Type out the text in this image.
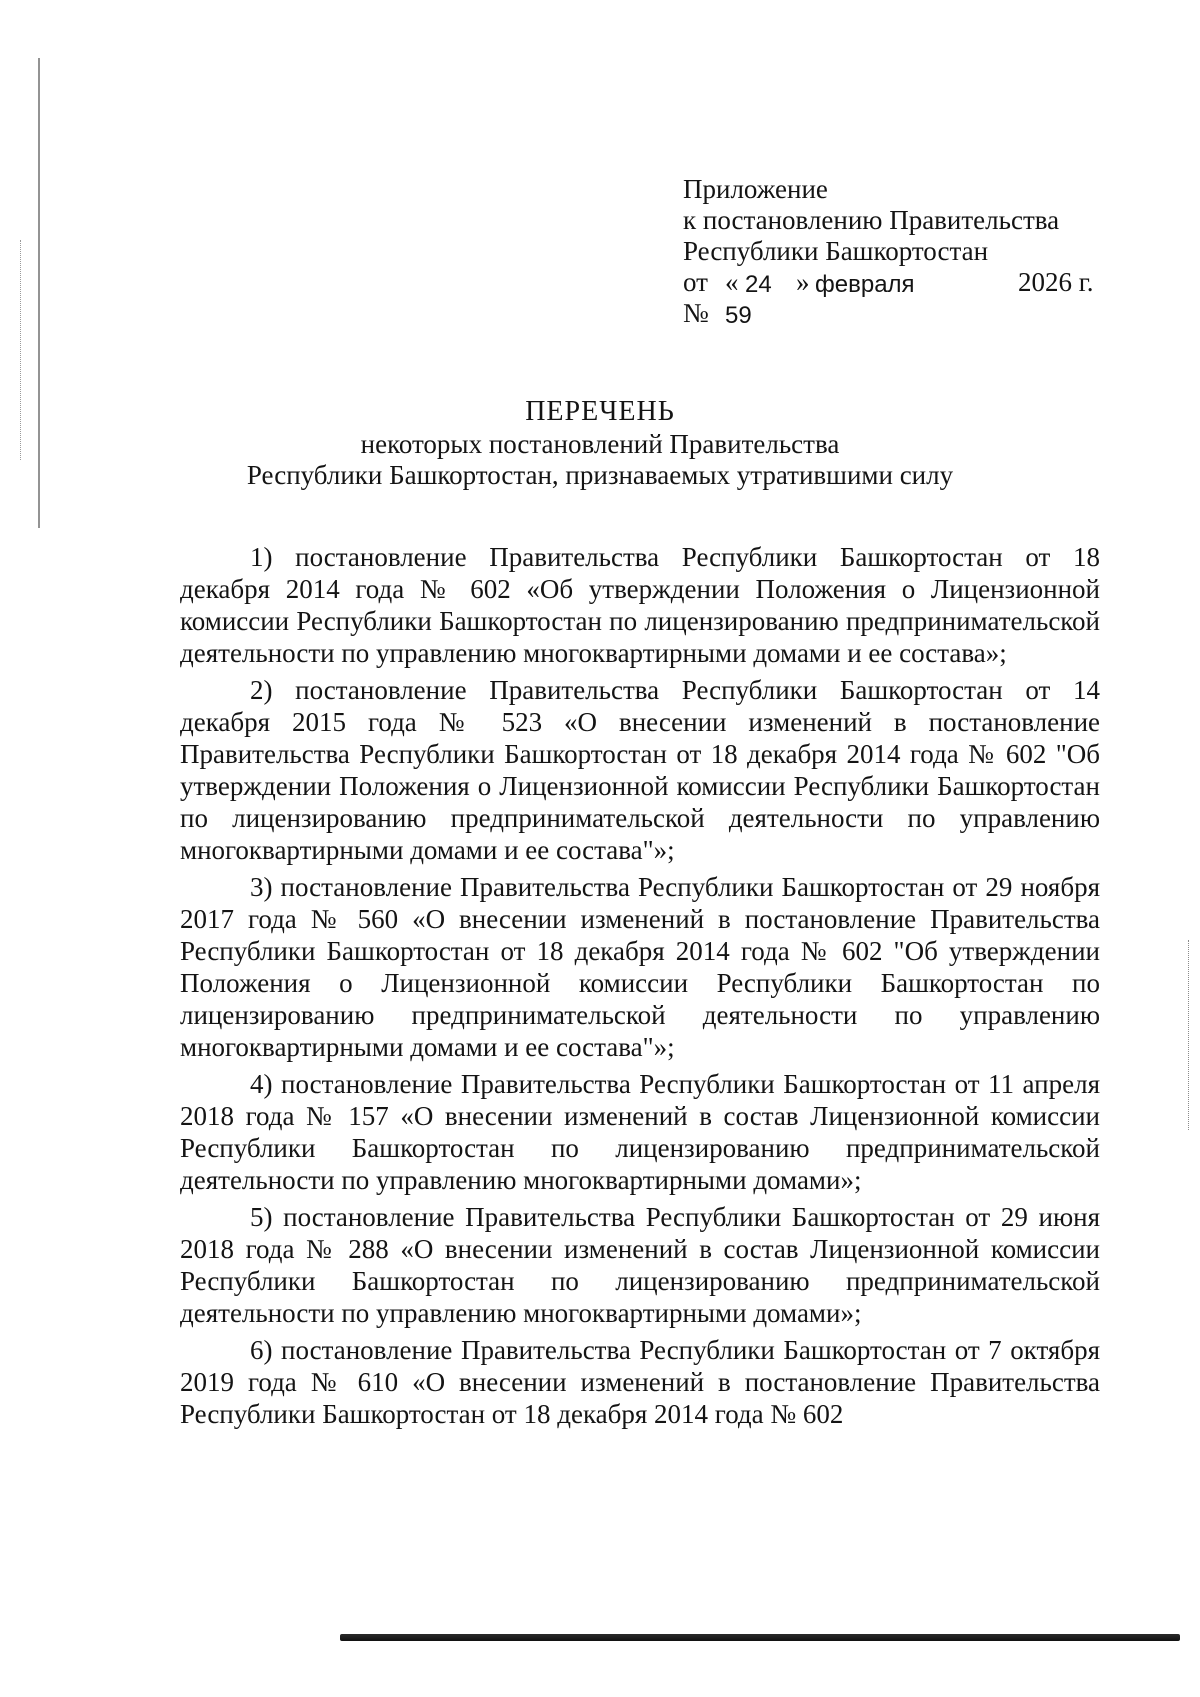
Приложение
к постановлению Правительства
Республики Башкортостан
от « 24 » февраля	2026 г.
№ 59

ПЕРЕЧЕНЬ

некоторых постановлений Правительства

Республики Башкортостан, признаваемых утратившими силу

1) постановление Правительства Республики Башкортостан от 18 декабря 2014 года № 602 «Об утверждении Положения о Лицензионной комиссии Республики Башкортостан по лицензированию предпринимательской деятельности по управлению многоквартирными домами и ее состава»;

2) постановление Правительства Республики Башкортостан от 14 декабря 2015 года № 523 «О внесении изменений в постановление Правительства Республики Башкортостан от 18 декабря 2014 года № 602 "Об утверждении Положения о Лицензионной комиссии Республики Башкортостан по лицензированию предпринимательской деятельности по управлению многоквартирными домами и ее состава"»;

3) постановление Правительства Республики Башкортостан от 29 ноября 2017 года № 560 «О внесении изменений в постановление Правительства Республики Башкортостан от 18 декабря 2014 года № 602 "Об утверждении Положения о Лицензионной комиссии Республики Башкортостан по лицензированию предпринимательской деятельности по управлению многоквартирными домами и ее состава"»;

4) постановление Правительства Республики Башкортостан от 11 апреля 2018 года № 157 «О внесении изменений в состав Лицензионной комиссии Республики Башкортостан по лицензированию предпринимательской деятельности по управлению многоквартирными домами»;

5) постановление Правительства Республики Башкортостан от 29 июня 2018 года № 288 «О внесении изменений в состав Лицензионной комиссии Республики Башкортостан по лицензированию предпринимательской деятельности по управлению многоквартирными домами»;

6) постановление Правительства Республики Башкортостан от 7 октября 2019 года № 610 «О внесении изменений в постановление Правительства Республики Башкортостан от 18 декабря 2014 года № 602
